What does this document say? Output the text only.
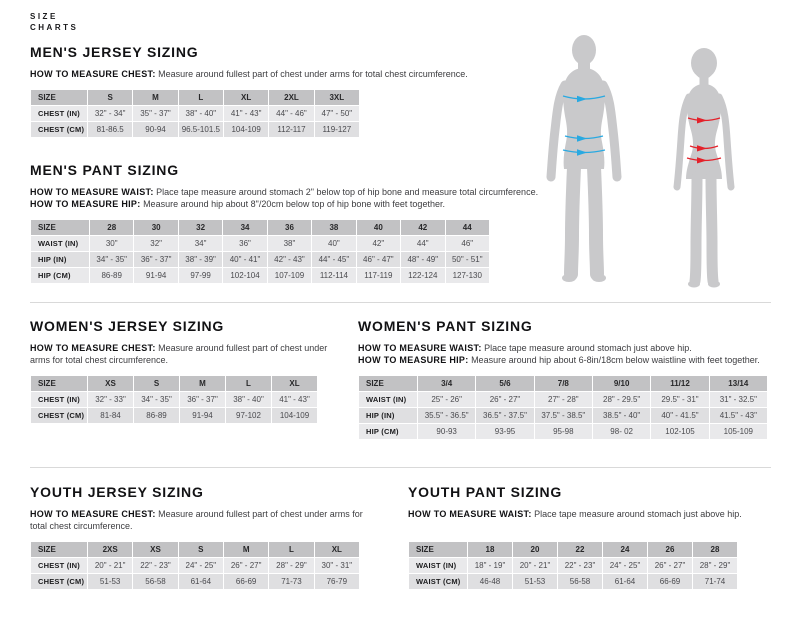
SIZE
CHARTS
MEN'S JERSEY SIZING

HOW TO MEASURE CHEST: Measure around fullest part of chest under arms for total chest circumference.

SIZE	S	M	L	XL	2XL	3XL
CHEST (IN)	32" - 34"	35" - 37"	38" - 40"	41" - 43"	44" - 46"	47" - 50"
CHEST (CM)	81-86.5	90-94	96.5-101.5	104-109	112-117	119-127
MEN'S PANT SIZING

HOW TO MEASURE WAIST: Place tape measure around stomach 2" below top of hip bone and measure total circumference.

HOW TO MEASURE HIP: Measure around hip about 8"/20cm below top of hip bone with feet together.

SIZE	28	30	32	34	36	38	40	42	44
WAIST (IN)	30"	32"	34"	36"	38"	40"	42"	44"	46"
HIP (IN)	34" - 35"	36" - 37"	38" - 39"	40" - 41"	42" - 43"	44" - 45"	46" - 47"	48" - 49"	50" - 51"
HIP (CM)	86-89	91-94	97-99	102-104	107-109	112-114	117-119	122-124	127-130
WOMEN'S JERSEY SIZING

HOW TO MEASURE CHEST: Measure around fullest part of chest under arms for total chest circumference.

SIZE	XS	S	M	L	XL
CHEST (IN)	32" - 33"	34" - 35"	36" - 37"	38" - 40"	41" - 43"
CHEST (CM)	81-84	86-89	91-94	97-102	104-109
WOMEN'S PANT SIZING

HOW TO MEASURE WAIST: Place tape measure around stomach just above hip.

HOW TO MEASURE HIP: Measure around hip about 6-8in/18cm below waistline with feet together.

SIZE	3/4	5/6	7/8	9/10	11/12	13/14
WAIST (IN)	25" - 26"	26" - 27"	27" - 28"	28" - 29.5"	29.5" - 31"	31" - 32.5"
HIP (IN)	35.5" - 36.5"	36.5" - 37.5"	37.5" - 38.5"	38.5" - 40"	40" - 41.5"	41.5" - 43"
HIP (CM)	90-93	93-95	95-98	98- 02	102-105	105-109
YOUTH JERSEY SIZING

HOW TO MEASURE CHEST: Measure around fullest part of chest under arms for total chest circumference.

SIZE	2XS	XS	S	M	L	XL
CHEST (IN)	20" - 21"	22" - 23"	24" - 25"	26" - 27"	28" - 29"	30" - 31"
CHEST (CM)	51-53	56-58	61-64	66-69	71-73	76-79
YOUTH PANT SIZING

HOW TO MEASURE WAIST: Place tape measure around stomach just above hip.

SIZE	18	20	22	24	26	28
WAIST (IN)	18" - 19"	20" - 21"	22" - 23"	24" - 25"	26" - 27"	28" - 29"
WAIST (CM)	46-48	51-53	56-58	61-64	66-69	71-74
